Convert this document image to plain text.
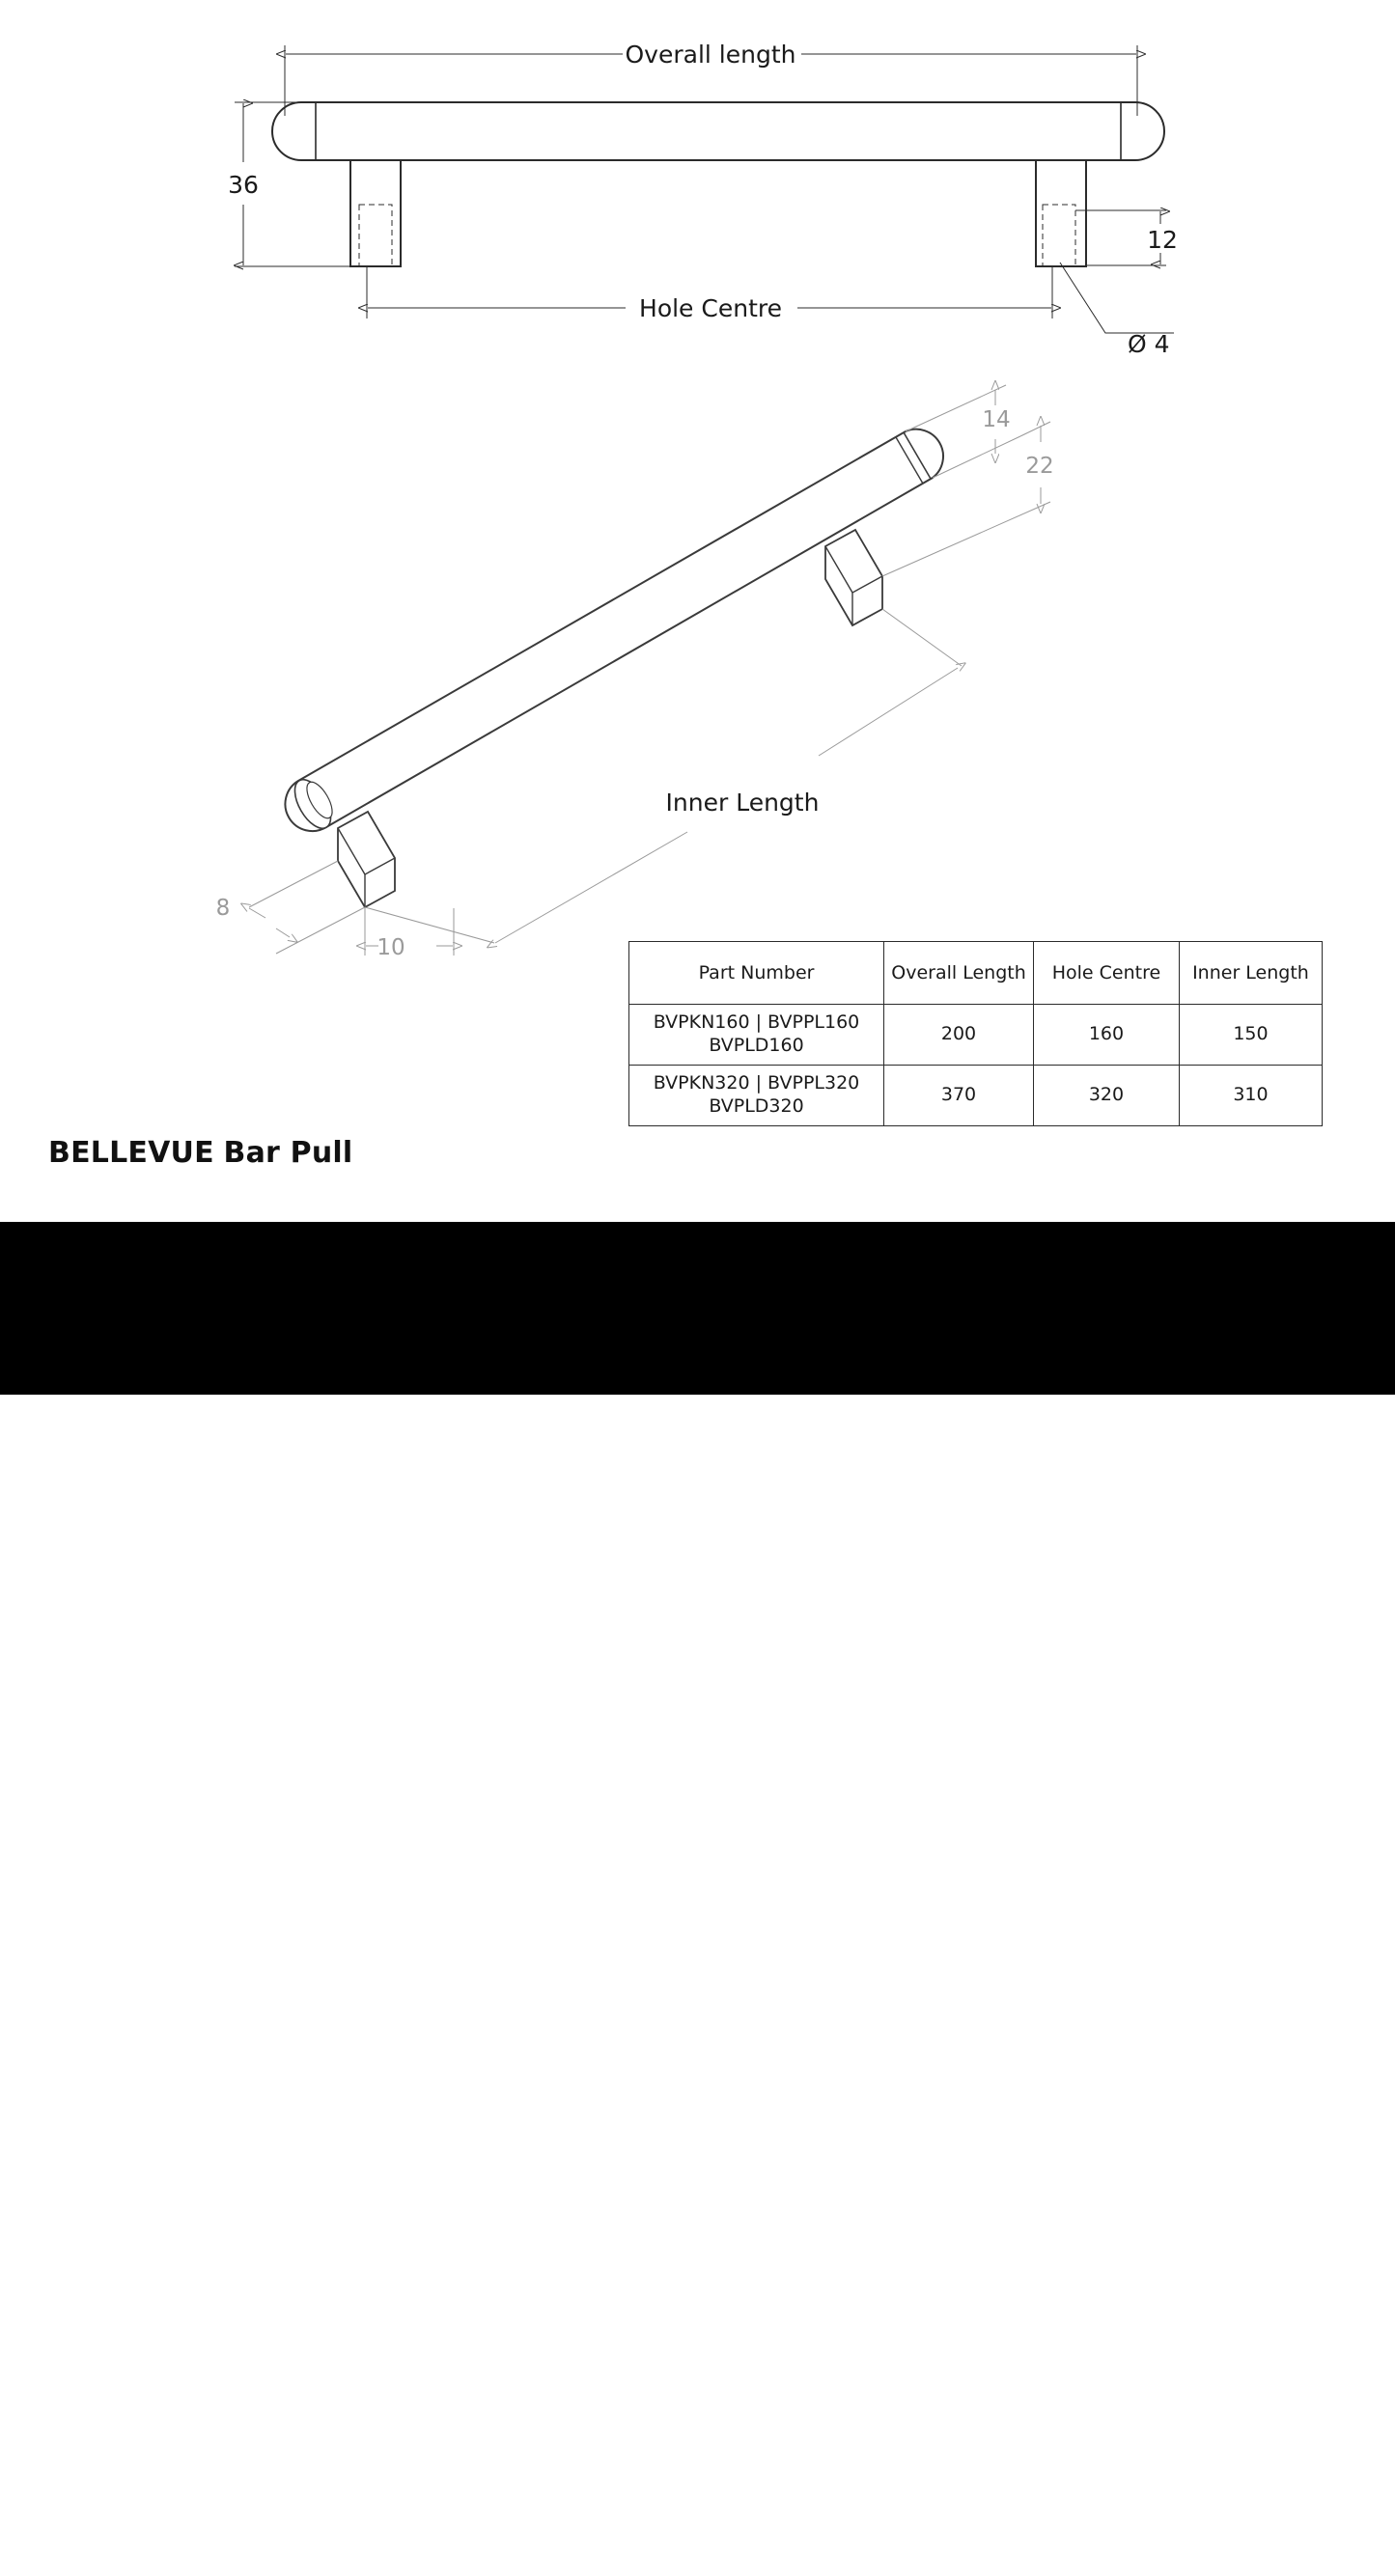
Overall length
36
Hole Centre
12
Ø 4
14
22
Inner Length
8
10
Part Number	Overall Length	Hole Centre	Inner Length

BVPKN160 | BVPPL160
BVPLD160	200	160	150

BVPKN320 | BVPPL320
BVPLD320	370	320	310
BELLEVUE Bar Pull
BUILDMAT	MOMO
HANDLES
